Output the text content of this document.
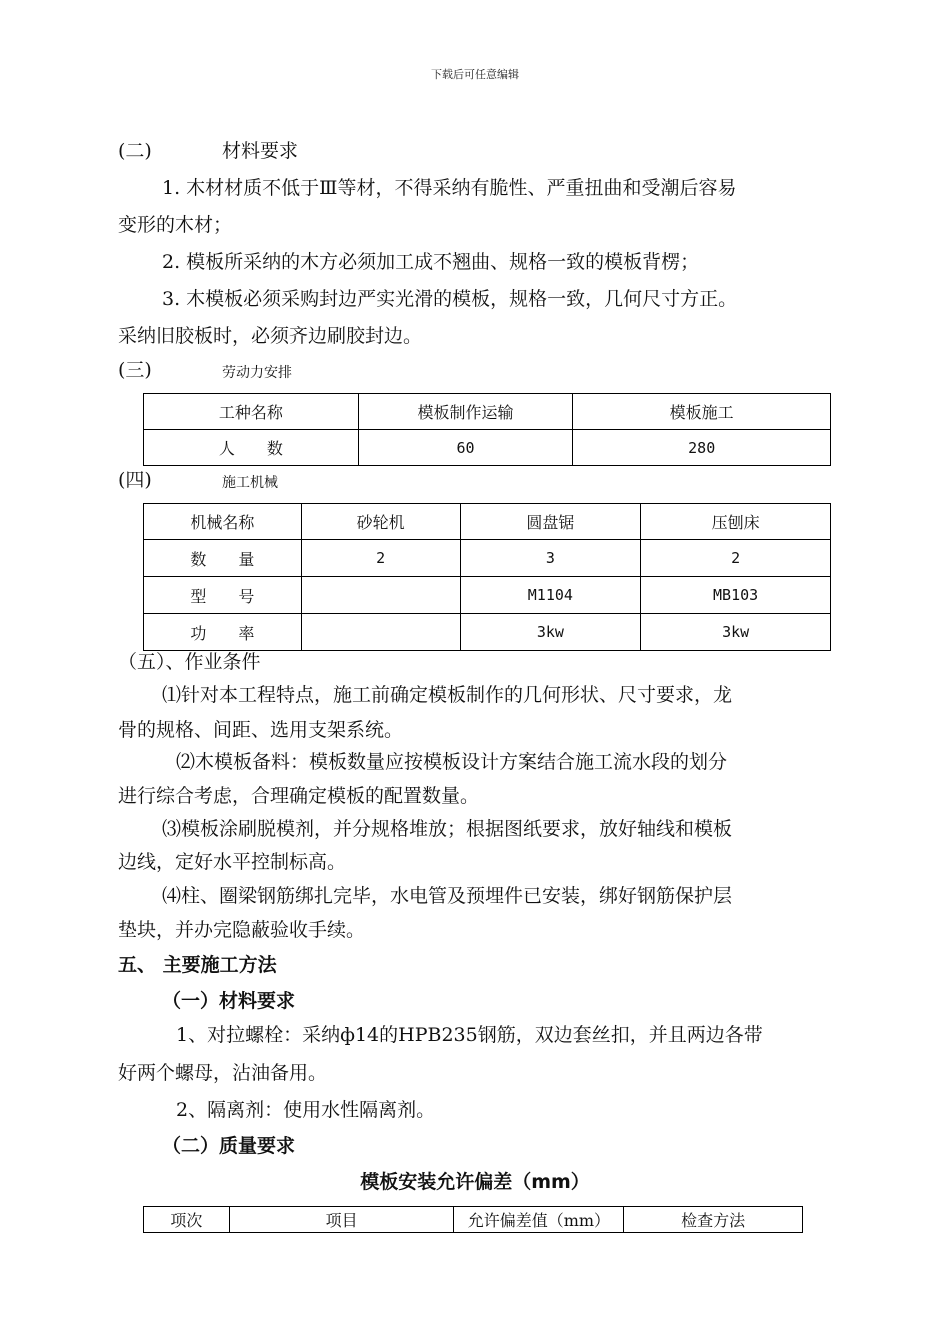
下载后可任意编辑
(二)	材料要求
1. 木材材质不低于Ⅲ等材，不得采纳有脆性、严重扭曲和受潮后容易
变形的木材；
2. 模板所采纳的木方必须加工成不翘曲、规格一致的模板背楞；
3. 木模板必须采购封边严实光滑的模板，规格一致，几何尺寸方正。
采纳旧胶板时，必须齐边刷胶封边。
(三)	劳动力安排
工种名称	模板制作运输	模板施工
人　　数	60	280
(四)	施工机械
机械名称	砂轮机	圆盘锯	压刨床
数　　量	2	3	2
型　　号		M1104	MB103
功　　率		3kw	3kw
（五）、作业条件
⑴针对本工程特点，施工前确定模板制作的几何形状、尺寸要求，龙
骨的规格、间距、选用支架系统。
⑵木模板备料：模板数量应按模板设计方案结合施工流水段的划分
进行综合考虑，合理确定模板的配置数量。
⑶模板涂刷脱模剂，并分规格堆放；根据图纸要求，放好轴线和模板
边线，定好水平控制标高。
⑷柱、圈梁钢筋绑扎完毕，水电管及预埋件已安装，绑好钢筋保护层
垫块，并办完隐蔽验收手续。
五、 主要施工方法
（一）材料要求
1、对拉螺栓：采纳ф14的HPB235钢筋，双边套丝扣，并且两边各带
好两个螺母，沾油备用。
2、隔离剂：使用水性隔离剂。
（二）质量要求
模板安装允许偏差（mm）
项次	项目	允许偏差值（mm）	检查方法
